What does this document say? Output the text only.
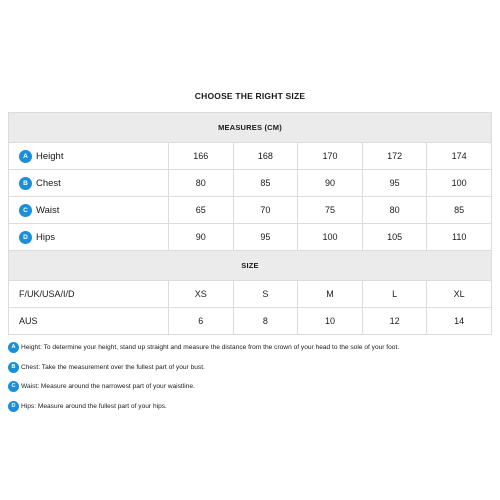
CHOOSE THE RIGHT SIZE
MEASURES (CM)					
A Height	166	168	170	172	174
B Chest	80	85	90	95	100
C Waist	65	70	75	80	85
D Hips	90	95	100	105	110
SIZE					
F/UK/USA/I/D	XS	S	M	L	XL
AUS	6	8	10	12	14
A Height: To determine your height, stand up straight and measure the distance from the crown of your head to the sole of your foot.
B Chest: Take the measurement over the fullest part of your bust.
C Waist: Measure around the narrowest part of your waistline.
D Hips: Measure around the fullest part of your hips.
